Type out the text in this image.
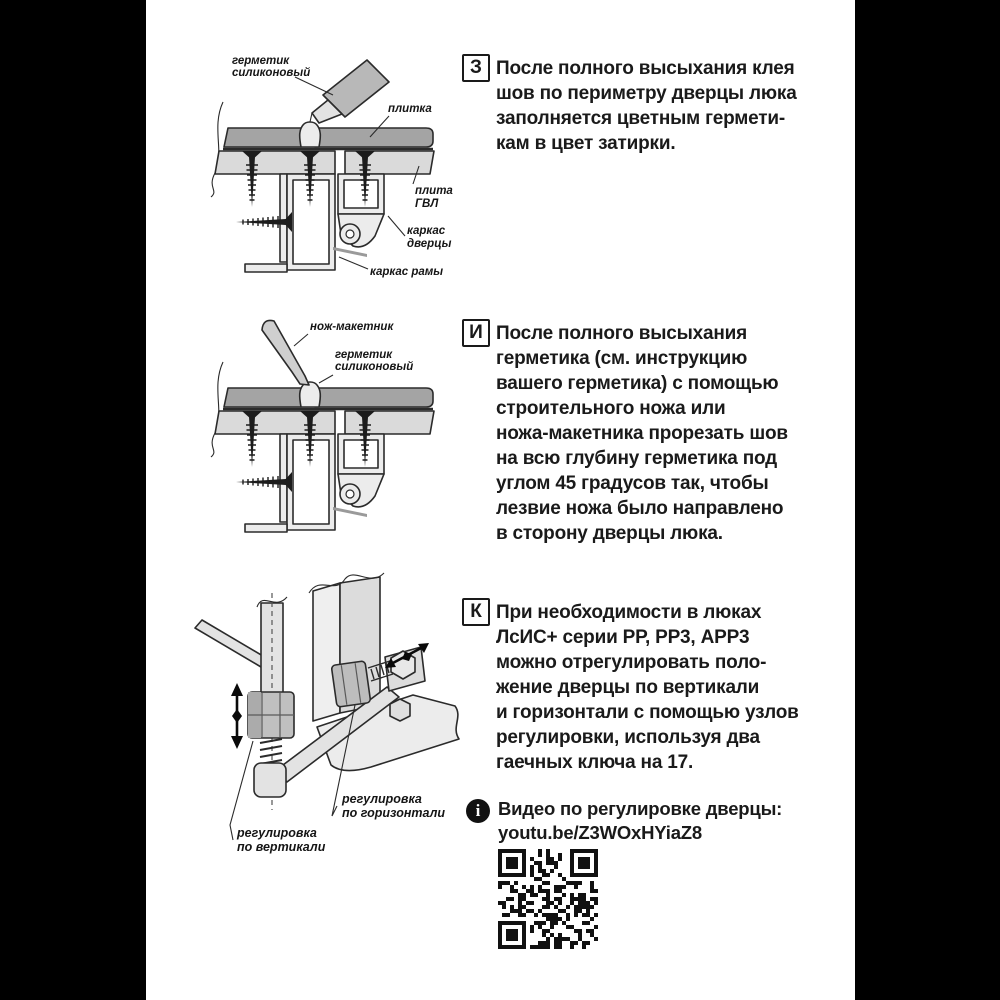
З После полного высыхания клея
шов по периметру дверцы люка
заполняется цветным гермети-
кам в цвет затирки.
герметик
силиконовый
плитка
плита
ГВЛ
каркас
дверцы
каркас рамы
И После полного высыхания
герметика (см. инструкцию
вашего герметика) с помощью
строительного ножа или
ножа-макетника прорезать шов
на всю глубину герметика под
углом 45 градусов так, чтобы
лезвие ножа было направлено
в сторону дверцы люка.
нож-макетник
герметик
силиконовый
К При необходимости в люках
ЛсИС+ серии РР, РР3, АРР3
можно отрегулировать поло-
жение дверцы по вертикали
и горизонтали с помощью узлов
регулировки, используя два
гаечных ключа на 17.
регулировка
по горизонтали
регулировка
по вертикали
i Видео по регулировке дверцы:
youtu.be/Z3WOxHYiaZ8
